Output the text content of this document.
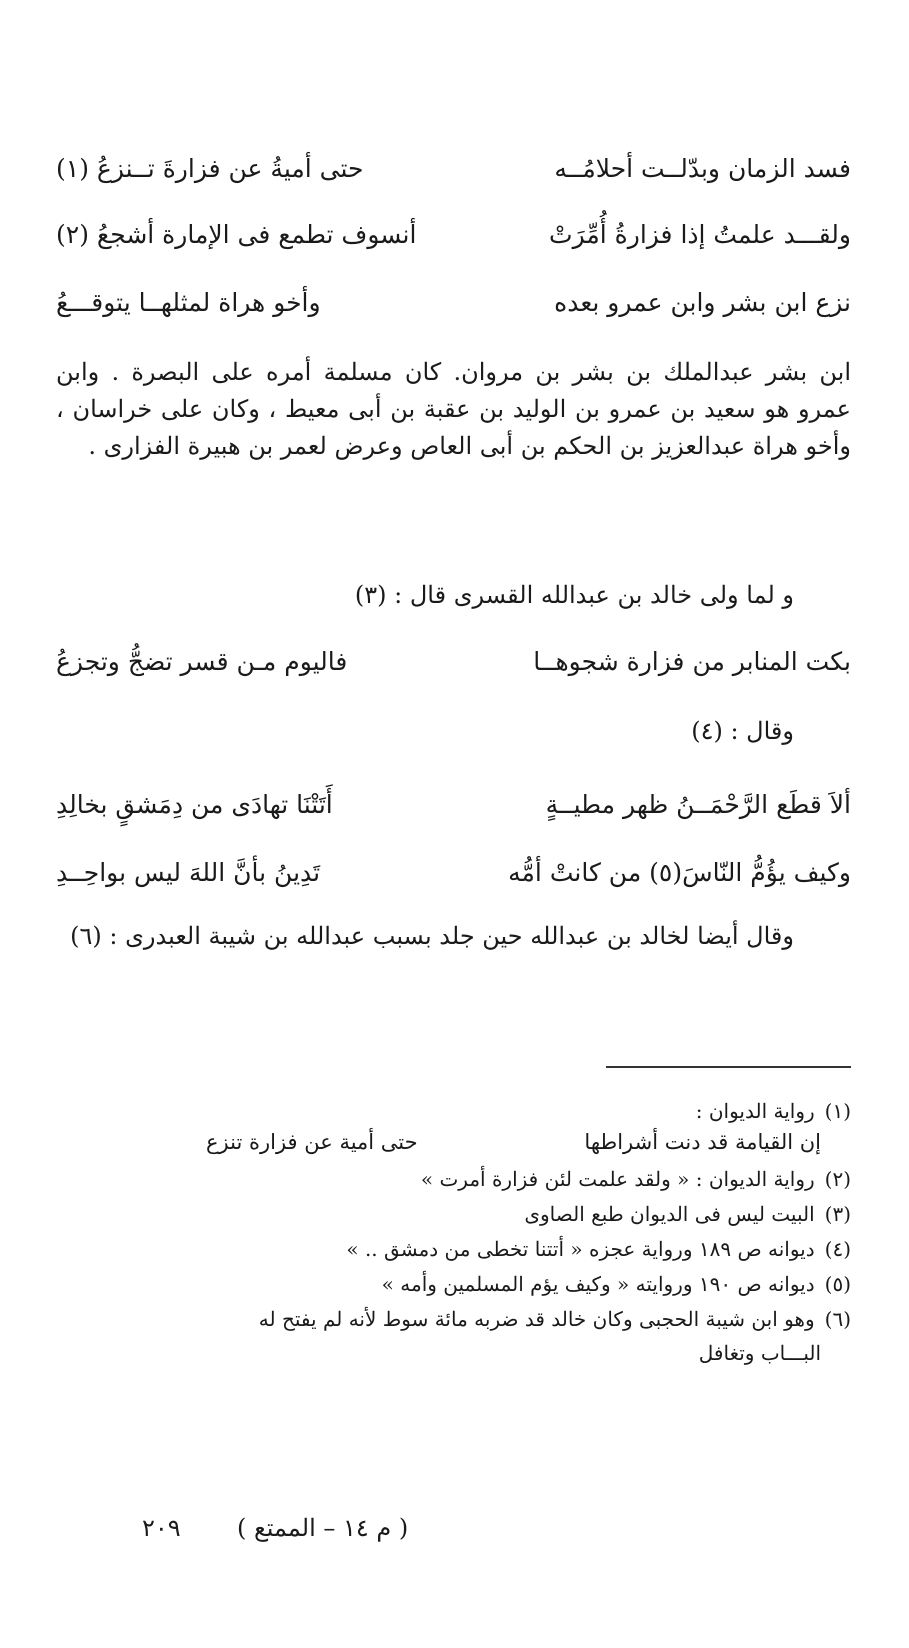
فسد الزمان وبدّلــت أحلامُــه
حتى أميةُ عن فزارةَ تــنزعُ (١)
ولقـــد علمتُ إذا فزارةُ أُمِّرَتْ
أنسوف تطمع فى الإمارة أشجعُ (٢)
نزع ابن بشر وابن عمرو بعده
وأخو هراة لمثلهــا يتوقـــعُ
ابن بشر عبدالملك بن بشر بن مروان. كان مسلمة أمره على البصرة . وابن عمرو هو سعيد بن عمرو بن الوليد بن عقبة بن أبى معيط ، وكان على خراسان ، وأخو هراة عبدالعزيز بن الحكم بن أبى العاص وعرض لعمر بن هبيرة الفزارى .
و لما ولى خالد بن عبدالله القسرى قال : (٣)
بكت المنابر من فزارة شجوهــا
فاليوم مـن قسر تضجُّ وتجزعُ
وقال : (٤)
ألاَ قطَع الرَّحْمَــنُ ظهر مطيــةٍ
أَتَتْنَا تهادَى من دِمَشقٍ بخالِدِ
وكيف يؤُمُّ النّاسَ(٥) من كانتْ أمُّه
تَدِينُ بأنَّ اللهَ ليس بواحِــدِ
وقال أيضا لخالد بن عبدالله حين جلد بسبب عبدالله بن شيبة العبدرى : (٦)
(١) رواية الديوان :
إن القيامة قد دنت أشراطها
حتى أمية عن فزارة تنزع
(٢) رواية الديوان : « ولقد علمت لئن فزارة أمرت »
(٣) البيت ليس فى الديوان طبع الصاوى
(٤) ديوانه ص ١٨٩ ورواية عجزه « أتتنا تخطى من دمشق .. »
(٥) ديوانه ص ١٩٠ وروايته « وكيف يؤم المسلمين وأمه »
(٦) وهو ابن شيبة الحجبى وكان خالد قد ضربه مائة سوط لأنه لم يفتح له
البـــاب وتغافل
( م ١٤ – الممتع )
٢٠٩
